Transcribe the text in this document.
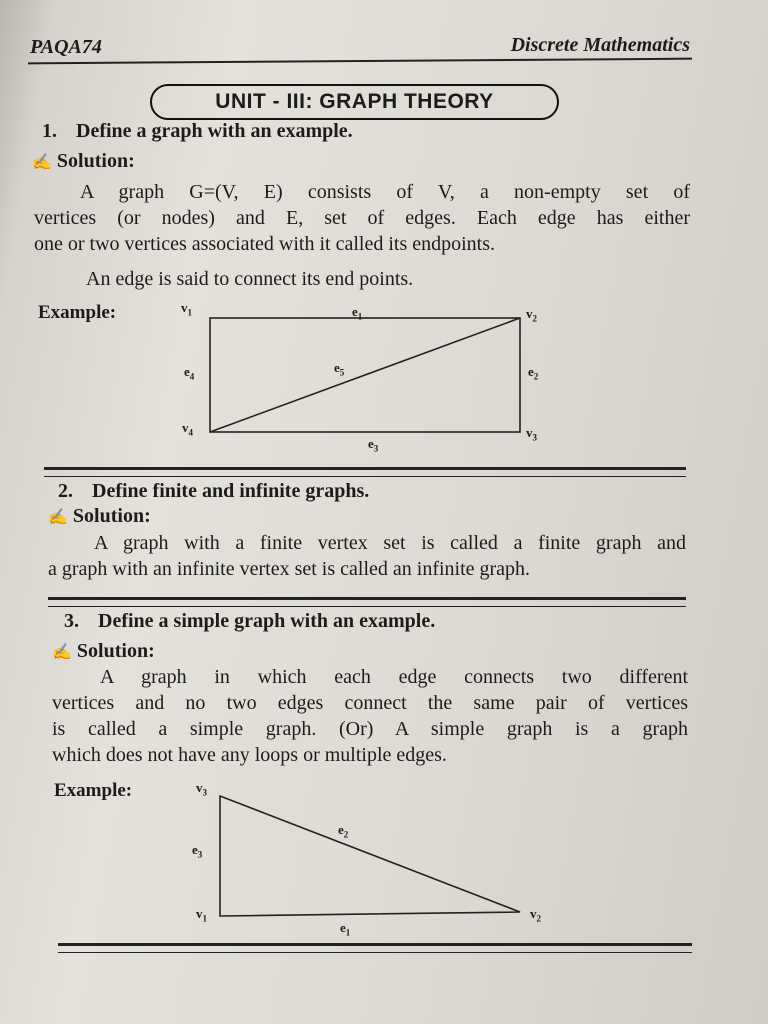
PAQA74	Discrete Mathematics
UNIT - III: GRAPH THEORY
1. Define a graph with an example.
✍ Solution:
A graph G=(V, E) consists of V, a non-empty set of
vertices (or nodes) and E, set of edges. Each edge has either
one or two vertices associated with it called its endpoints.
An edge is said to connect its end points.
Example:	$v_1$	$v_2$
$v_3$
$v_4$
$e_1$
$e_2$
$e_3$
$e_4$
$e_5$
2. Define finite and infinite graphs.
✍ Solution:
A graph with a finite vertex set is called a finite graph and
a graph with an infinite vertex set is called an infinite graph.
3. Define a simple graph with an example.
✍ Solution:
A graph in which each edge connects two different
vertices and no two edges connect the same pair of vertices
is called a simple graph. (Or) A simple graph is a graph
which does not have any loops or multiple edges.
Example:	$v_3$
$v_1$	$v_2$
$e_1$
$e_2$
$e_3$
